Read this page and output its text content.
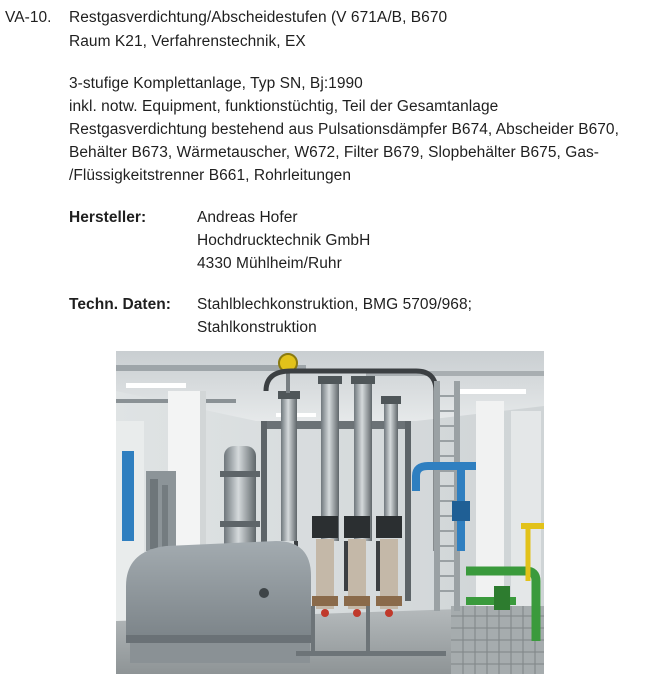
VA-10. Restgasverdichtung/Abscheidestufen (V 671A/B, B670
Raum K21, Verfahrenstechnik, EX
3-stufige Komplettanlage, Typ SN, Bj:1990
inkl. notw. Equipment, funktionstüchtig, Teil der Gesamtanlage
Restgasverdichtung bestehend aus Pulsationsdämpfer B674, Abscheider B670,
Behälter B673, Wärmetauscher, W672, Filter B679, Slopbehälter B675, Gas-
/Flüssigkeitstrenner B661, Rohrleitungen
Hersteller:	Andreas Hofer
Hochdrucktechnik GmbH
4330 Mühlheim/Ruhr
Techn. Daten: Stahlblechkonstruktion, BMG 5709/968;
Stahlkonstruktion
